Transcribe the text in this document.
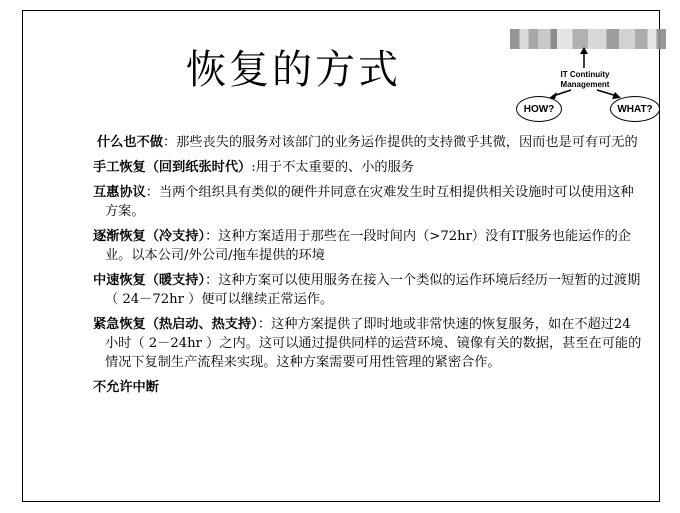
恢复的方式	IT Continuity Management
HOW?	WHAT?

什么也不做：那些丧失的服务对该部门的业务运作提供的支持微乎其微，因而也是可有可无的

手工恢复（回到纸张时代）:用于不太重要的、小的服务

互惠协议：当两个组织具有类似的硬件并同意在灾难发生时互相提供相关设施时可以使用这种方案。

逐渐恢复（冷支持）：这种方案适用于那些在一段时间内（>72hr）没有IT服务也能运作的企业。以本公司/外公司/拖车提供的环境

中速恢复（暖支持）：这种方案可以使用服务在接入一个类似的运作环境后经历一短暂的过渡期（ 24－72hr ）便可以继续正常运作。

紧急恢复（热启动、热支持）：这种方案提供了即时地或非常快速的恢复服务，如在不超过24小时（ 2－24hr ）之内。这可以通过提供同样的运营环境、镜像有关的数据，甚至在可能的情况下复制生产流程来实现。这种方案需要可用性管理的紧密合作。

不允许中断
